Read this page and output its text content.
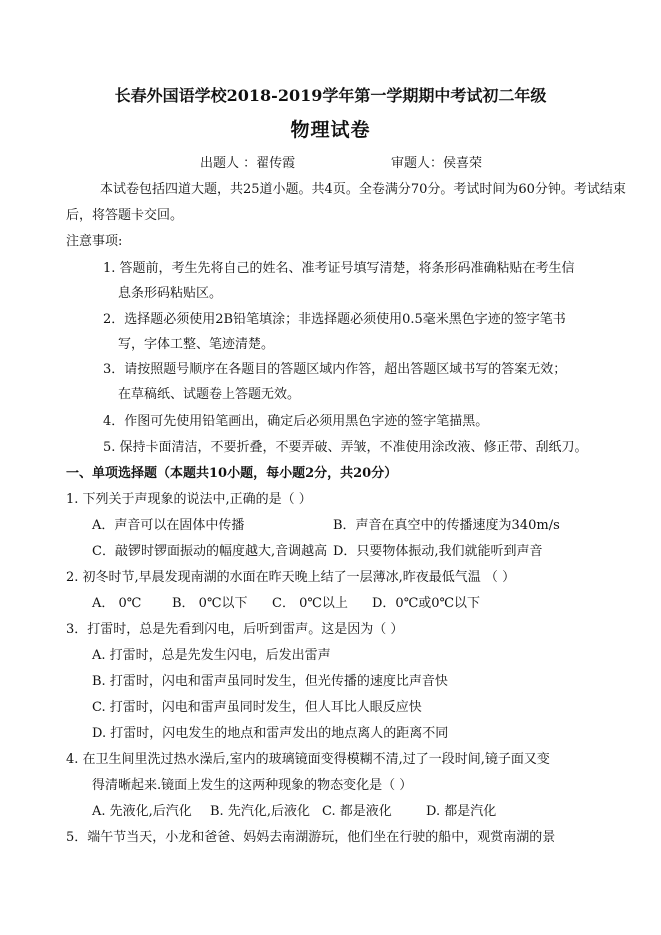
长春外国语学校2018-2019学年第一学期期中考试初二年级
物理试卷
出题人 ：翟传霞	审题人：侯喜荣
本试卷包括四道大题，共25道小题。共4页。全卷满分70分。考试时间为60分钟。考试结束
后，将答题卡交回。
注意事项:
1. 答题前，考生先将自己的姓名、准考证号填写清楚，将条形码准确粘贴在考生信
息条形码粘贴区。
2．选择题必须使用2B铅笔填涂；非选择题必须使用0.5毫米黑色字迹的签字笔书
写，字体工整、笔迹清楚。
3．请按照题号顺序在各题目的答题区域内作答，超出答题区域书写的答案无效；
在草稿纸、试题卷上答题无效。
4．作图可先使用铅笔画出，确定后必须用黑色字迹的签字笔描黑。
5. 保持卡面清洁，不要折叠，不要弄破、弄皱，不准使用涂改液、修正带、刮纸刀。
一、单项选择题（本题共10小题，每小题2分，共20分）
1. 下列关于声现象的说法中,正确的是（ ）
A．声音可以在固体中传播	B．声音在真空中的传播速度为340m/s
C．敲锣时锣面振动的幅度越大,音调越高 D．只要物体振动,我们就能听到声音
2. 初冬时节,早晨发现南湖的水面在昨天晚上结了一层薄冰,昨夜最低气温 （ ）
A． 0℃ B． 0℃以下 C． 0℃以上 D．0℃或0℃以下
3．打雷时，总是先看到闪电，后听到雷声。这是因为（ ）
A. 打雷时，总是先发生闪电，后发出雷声
B. 打雷时，闪电和雷声虽同时发生，但光传播的速度比声音快
C. 打雷时，闪电和雷声虽同时发生，但人耳比人眼反应快
D. 打雷时，闪电发生的地点和雷声发出的地点离人的距离不同
4. 在卫生间里洗过热水澡后,室内的玻璃镜面变得模糊不清,过了一段时间,镜子面又变
得清晰起来.镜面上发生的这两种现象的物态变化是（ ）
A. 先液化,后汽化 B. 先汽化,后液化 C. 都是液化	D. 都是汽化
5．端午节当天，小龙和爸爸、妈妈去南湖游玩，他们坐在行驶的船中，观赏南湖的景
